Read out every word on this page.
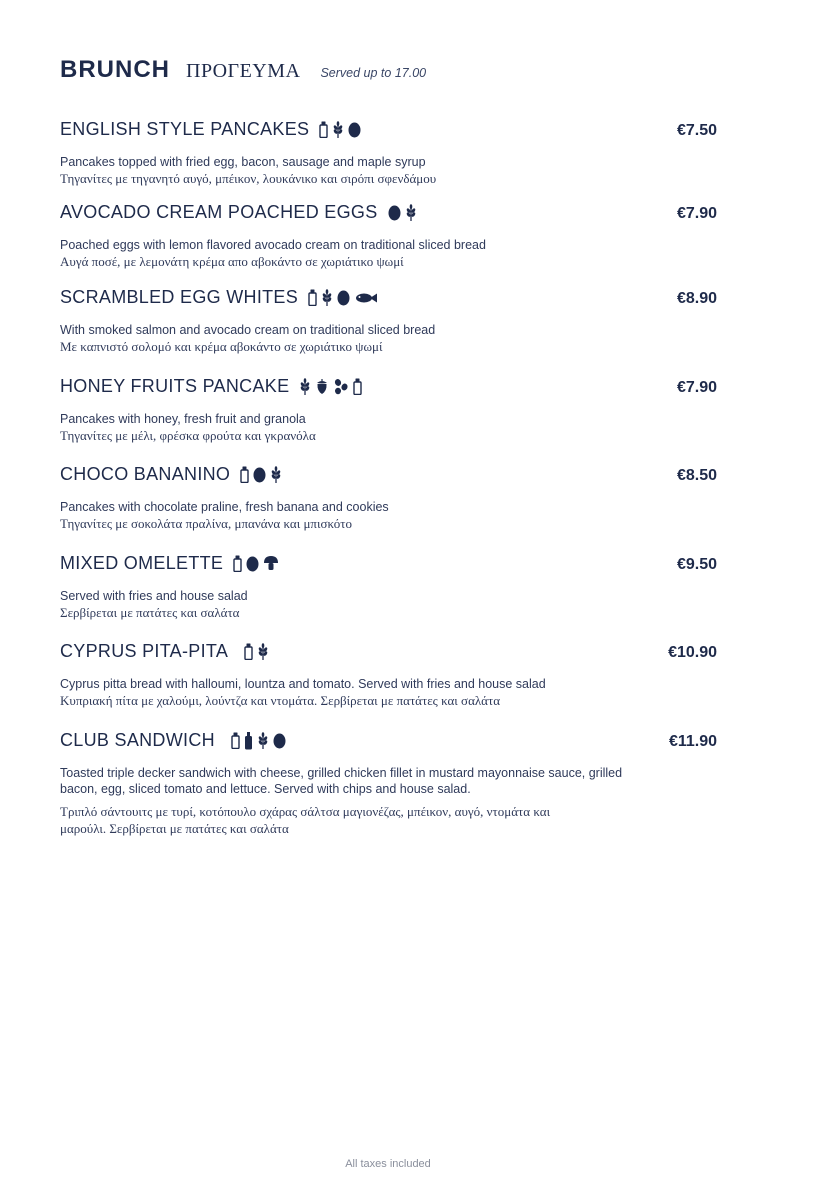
BRUNCH ΠΡΟΓΕΥΜΑ Served up to 17.00
ENGLISH STYLE PANCAKES	€7.50
Pancakes topped with fried egg, bacon, sausage and maple syrup
Τηγανίτες με τηγανητό αυγό, μπέικον, λουκάνικο και σιρόπι σφενδάμου
AVOCADO CREAM POACHED EGGS	€7.90
Poached eggs with lemon flavored avocado cream on traditional sliced bread
Αυγά ποσέ, με λεμονάτη κρέμα απο αβοκάντο σε χωριάτικο ψωμί
SCRAMBLED EGG WHITES	€8.90
With smoked salmon and avocado cream on traditional sliced bread
Με καπνιστό σολομό και κρέμα αβοκάντο σε χωριάτικο ψωμί
HONEY FRUITS PANCAKE	€7.90
Pancakes with honey, fresh fruit and granola
Τηγανίτες με μέλι, φρέσκα φρούτα και γκρανόλα
CHOCO BANANINO	€8.50
Pancakes with chocolate praline, fresh banana and cookies
Τηγανίτες με σοκολάτα πραλίνα, μπανάνα και μπισκότο
MIXED OMELETTE	€9.50
Served with fries and house salad
Σερβίρεται με πατάτες και σαλάτα
CYPRUS PITA-PITA	€10.90
Cyprus pitta bread with halloumi, lountza and tomato. Served with fries and house salad
Κυπριακή πίτα με χαλούμι, λούντζα και ντομάτα. Σερβίρεται με πατάτες και σαλάτα
CLUB SANDWICH	€11.90
Toasted triple decker sandwich with cheese, grilled chicken fillet in mustard mayonnaise sauce, grilled bacon, egg, sliced tomato and lettuce. Served with chips and house salad.
Τριπλό σάντουιτς με τυρί, κοτόπουλο σχάρας σάλτσα μαγιονέζας, μπέικον, αυγό, ντομάτα και μαρούλι. Σερβίρεται με πατάτες και σαλάτα
All taxes included
